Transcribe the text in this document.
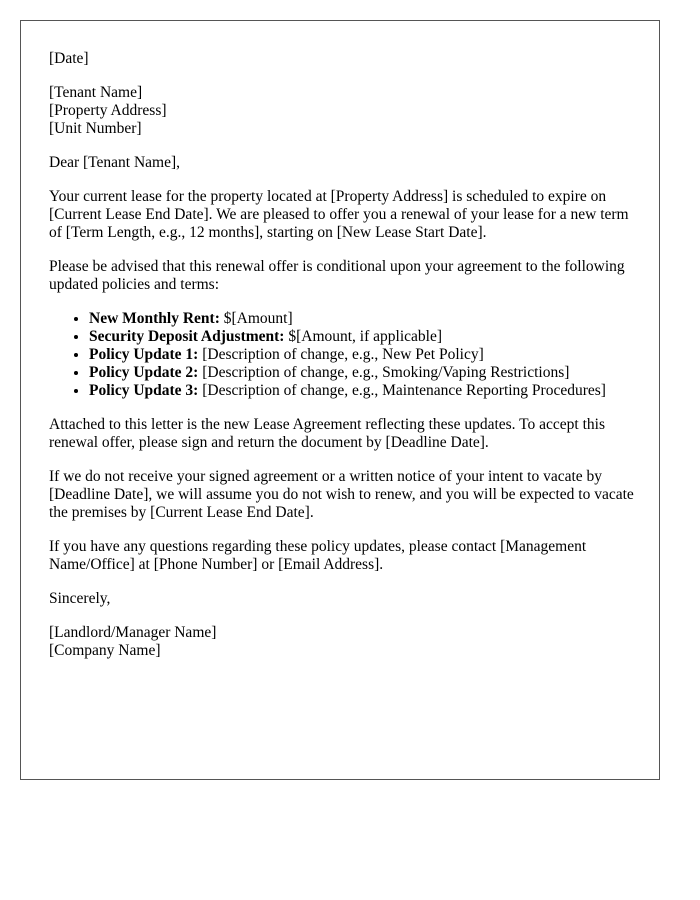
[Date]
[Tenant Name]
[Property Address]
[Unit Number]
Dear [Tenant Name],
Your current lease for the property located at [Property Address] is scheduled to expire on [Current Lease End Date]. We are pleased to offer you a renewal of your lease for a new term of [Term Length, e.g., 12 months], starting on [New Lease Start Date].
Please be advised that this renewal offer is conditional upon your agreement to the following updated policies and terms:
• New Monthly Rent: $[Amount]
• Security Deposit Adjustment: $[Amount, if applicable]
• Policy Update 1: [Description of change, e.g., New Pet Policy]
• Policy Update 2: [Description of change, e.g., Smoking/Vaping Restrictions]
• Policy Update 3: [Description of change, e.g., Maintenance Reporting Procedures]
Attached to this letter is the new Lease Agreement reflecting these updates. To accept this renewal offer, please sign and return the document by [Deadline Date].
If we do not receive your signed agreement or a written notice of your intent to vacate by [Deadline Date], we will assume you do not wish to renew, and you will be expected to vacate the premises by [Current Lease End Date].
If you have any questions regarding these policy updates, please contact [Management Name/Office] at [Phone Number] or [Email Address].
Sincerely,
[Landlord/Manager Name]
[Company Name]
